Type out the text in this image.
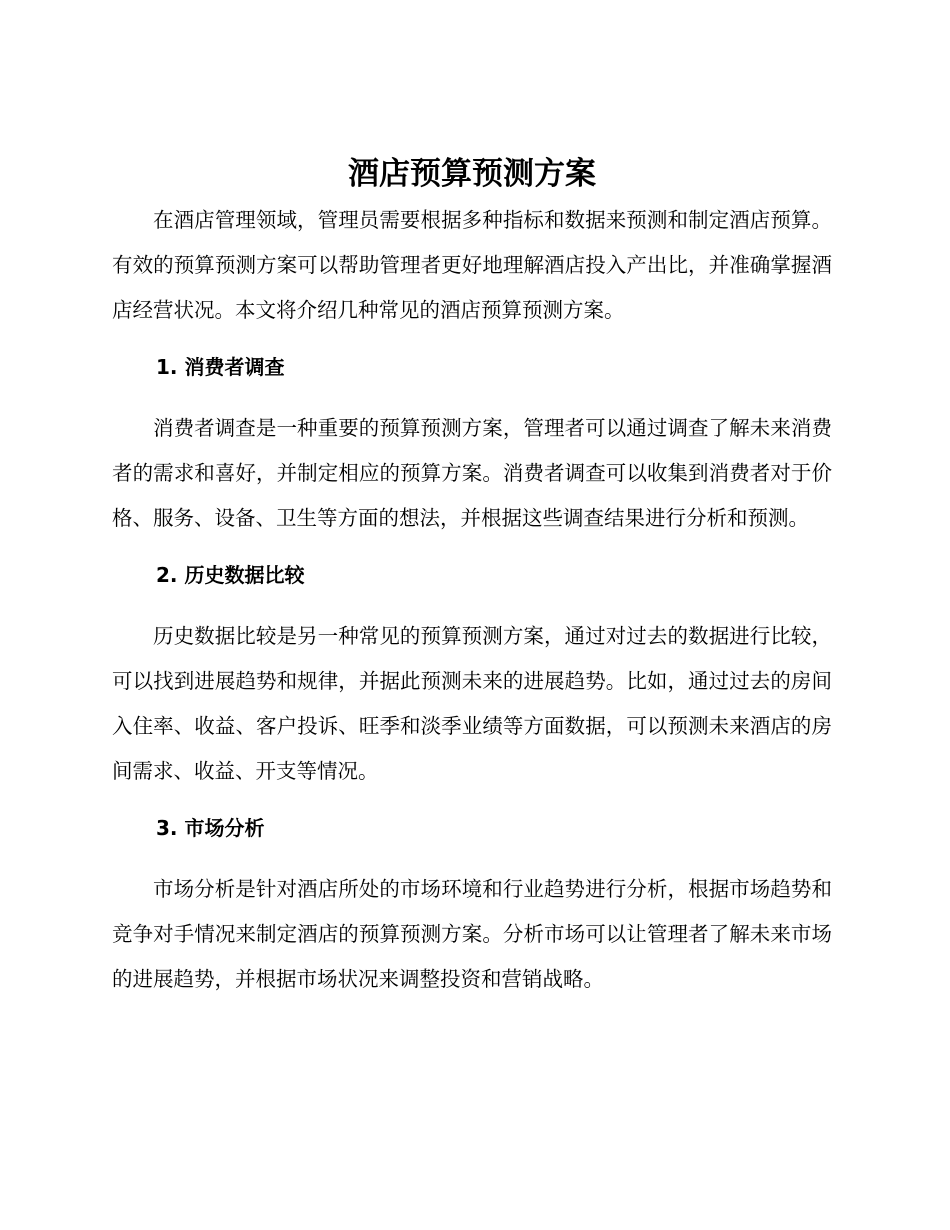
酒店预算预测方案

在酒店管理领域，管理员需要根据多种指标和数据来预测和制定酒店预算。有效的预算预测方案可以帮助管理者更好地理解酒店投入产出比，并准确掌握酒店经营状况。本文将介绍几种常见的酒店预算预测方案。

1. 消费者调查

消费者调查是一种重要的预算预测方案，管理者可以通过调查了解未来消费者的需求和喜好，并制定相应的预算方案。消费者调查可以收集到消费者对于价格、服务、设备、卫生等方面的想法，并根据这些调查结果进行分析和预测。

2. 历史数据比较

历史数据比较是另一种常见的预算预测方案，通过对过去的数据进行比较，可以找到进展趋势和规律，并据此预测未来的进展趋势。比如，通过过去的房间入住率、收益、客户投诉、旺季和淡季业绩等方面数据，可以预测未来酒店的房间需求、收益、开支等情况。

3. 市场分析

市场分析是针对酒店所处的市场环境和行业趋势进行分析，根据市场趋势和竞争对手情况来制定酒店的预算预测方案。分析市场可以让管理者了解未来市场的进展趋势，并根据市场状况来调整投资和营销战略。
